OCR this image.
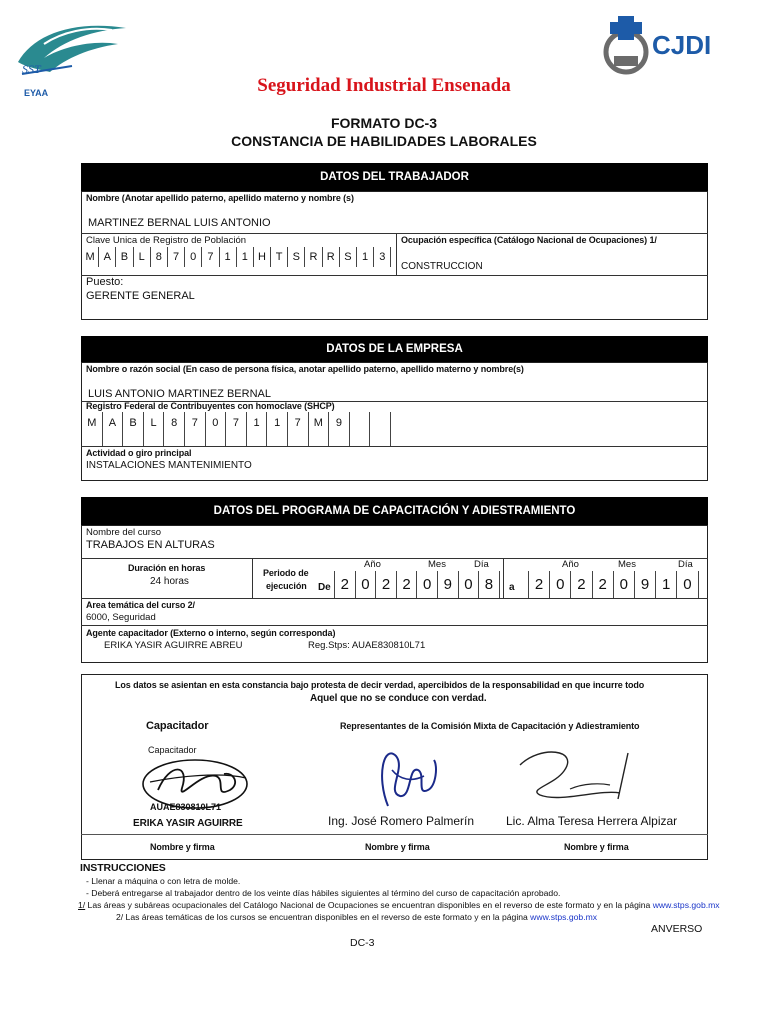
SST
EYAA
CJDI
Seguridad Industrial Ensenada
FORMATO DC-3
CONSTANCIA DE HABILIDADES LABORALES
DATOS DEL TRABAJADOR
Nombre (Anotar apellido paterno, apellido materno y nombre (s)
MARTINEZ BERNAL LUIS ANTONIO
Clave Unica de Registro de Población	Ocupación específica (Catálogo Nacional de Ocupaciones) 1/
M A B L	8	7	0	7	1	1 H T S R R S 1	3
CONSTRUCCION
Puesto:
GERENTE GENERAL
DATOS DE LA EMPRESA
Nombre o razón social (En caso de persona física, anotar apellido paterno, apellido materno y nombre(s)
LUIS ANTONIO MARTINEZ BERNAL
Registro Federal de Contribuyentes con homoclave (SHCP)
M	A	B	L	8	7	0	7	1	1	7	M	9
Actividad o giro principal
INSTALACIONES MANTENIMIENTO
DATOS DEL PROGRAMA DE CAPACITACIÓN Y ADIESTRAMIENTO
Nombre del curso
TRABAJOS EN ALTURAS
Duración en horas
24 horas
Periodo de
ejecución De
Año	Mes	Día
2 0 2 2 0 9 0 8	a
Año	Mes	Día
2 0 2 2 0 9 1 0
Area temática del curso 2/
6000, Seguridad
Agente capacitador (Externo o interno, según corresponda)
ERIKA YASIR AGUIRRE ABREU	Reg.Stps: AUAE830810L71
Los datos se asientan en esta constancia bajo protesta de decir verdad, apercibidos de la responsabilidad en que incurre todo
Aquel que no se conduce con verdad.
Capacitador	Representantes de la Comisión Mixta de Capacitación y Adiestramiento
Capacitador
AUAE830810L71
ERIKA YASIR AGUIRRE	Ing. José Romero Palmerín	Lic. Alma Teresa Herrera Alpizar
Nombre y firma	Nombre y firma	Nombre y firma
INSTRUCCIONES
- Llenar a máquina o con letra de molde.
- Deberá entregarse al trabajador dentro de los veinte días hábiles siguientes al término del curso de capacitación aprobado.
1/ Las áreas y subáreas ocupacionales del Catálogo Nacional de Ocupaciones se encuentran disponibles en el reverso de este formato y en la página www.stps.gob.mx
2/ Las áreas temáticas de los cursos se encuentran disponibles en el reverso de este formato y en la página www.stps.gob.mx
ANVERSO
DC-3
